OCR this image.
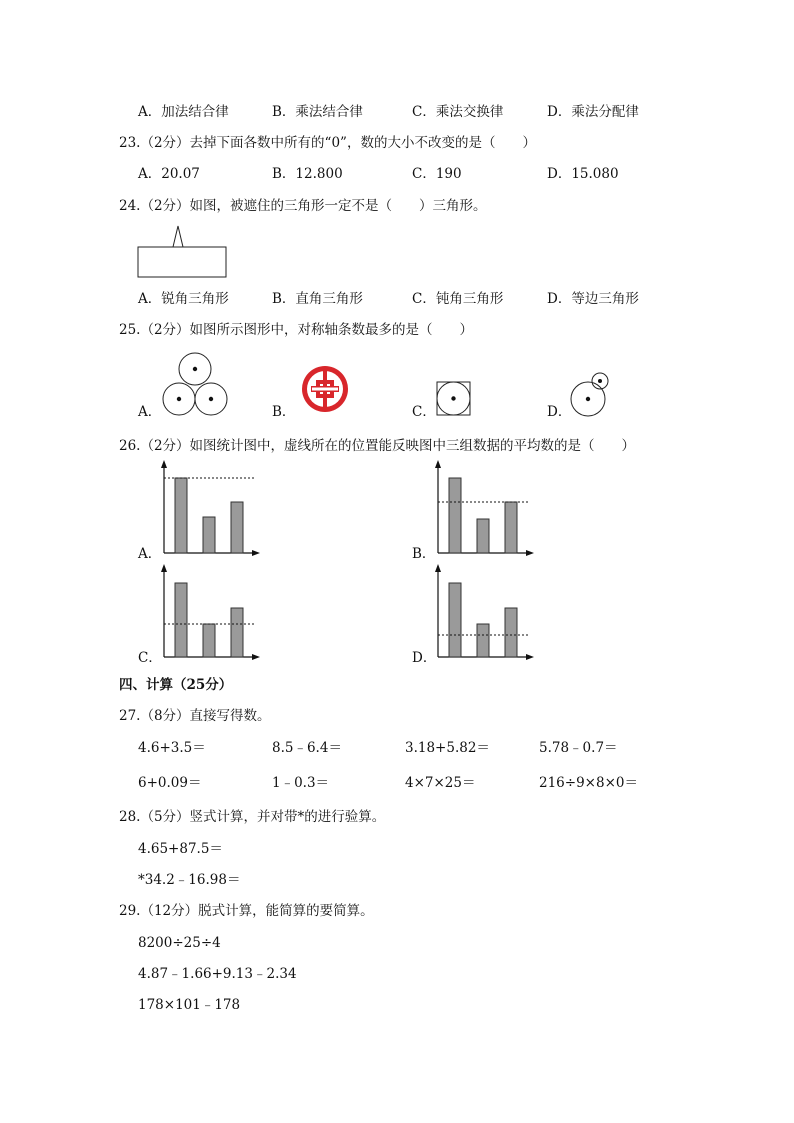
A．加法结合律	B．乘法结合律	C．乘法交换律	D．乘法分配律
23.（2分）去掉下面各数中所有的“0”，数的大小不改变的是（　　）
A．20.07	B．12.800	C．190	D．15.080
24.（2分）如图，被遮住的三角形一定不是（　　）三角形。
A．锐角三角形	B．直角三角形	C．钝角三角形	D．等边三角形
25.（2分）如图所示图形中，对称轴条数最多的是（　　）
A．	B．	C．	D．
26.（2分）如图统计图中，虚线所在的位置能反映图中三组数据的平均数的是（　　）
A．	B．
C．	D．
四、计算（25分）
27.（8分）直接写得数。
4.6+3.5＝	8.5﹣6.4＝	3.18+5.82＝	5.78﹣0.7＝
6+0.09＝	1﹣0.3＝	4×7×25＝	216÷9×8×0＝
28.（5分）竖式计算，并对带*的进行验算。
4.65+87.5＝
*34.2﹣16.98＝
29.（12分）脱式计算，能简算的要简算。
8200÷25÷4
4.87﹣1.66+9.13﹣2.34
178×101﹣178
